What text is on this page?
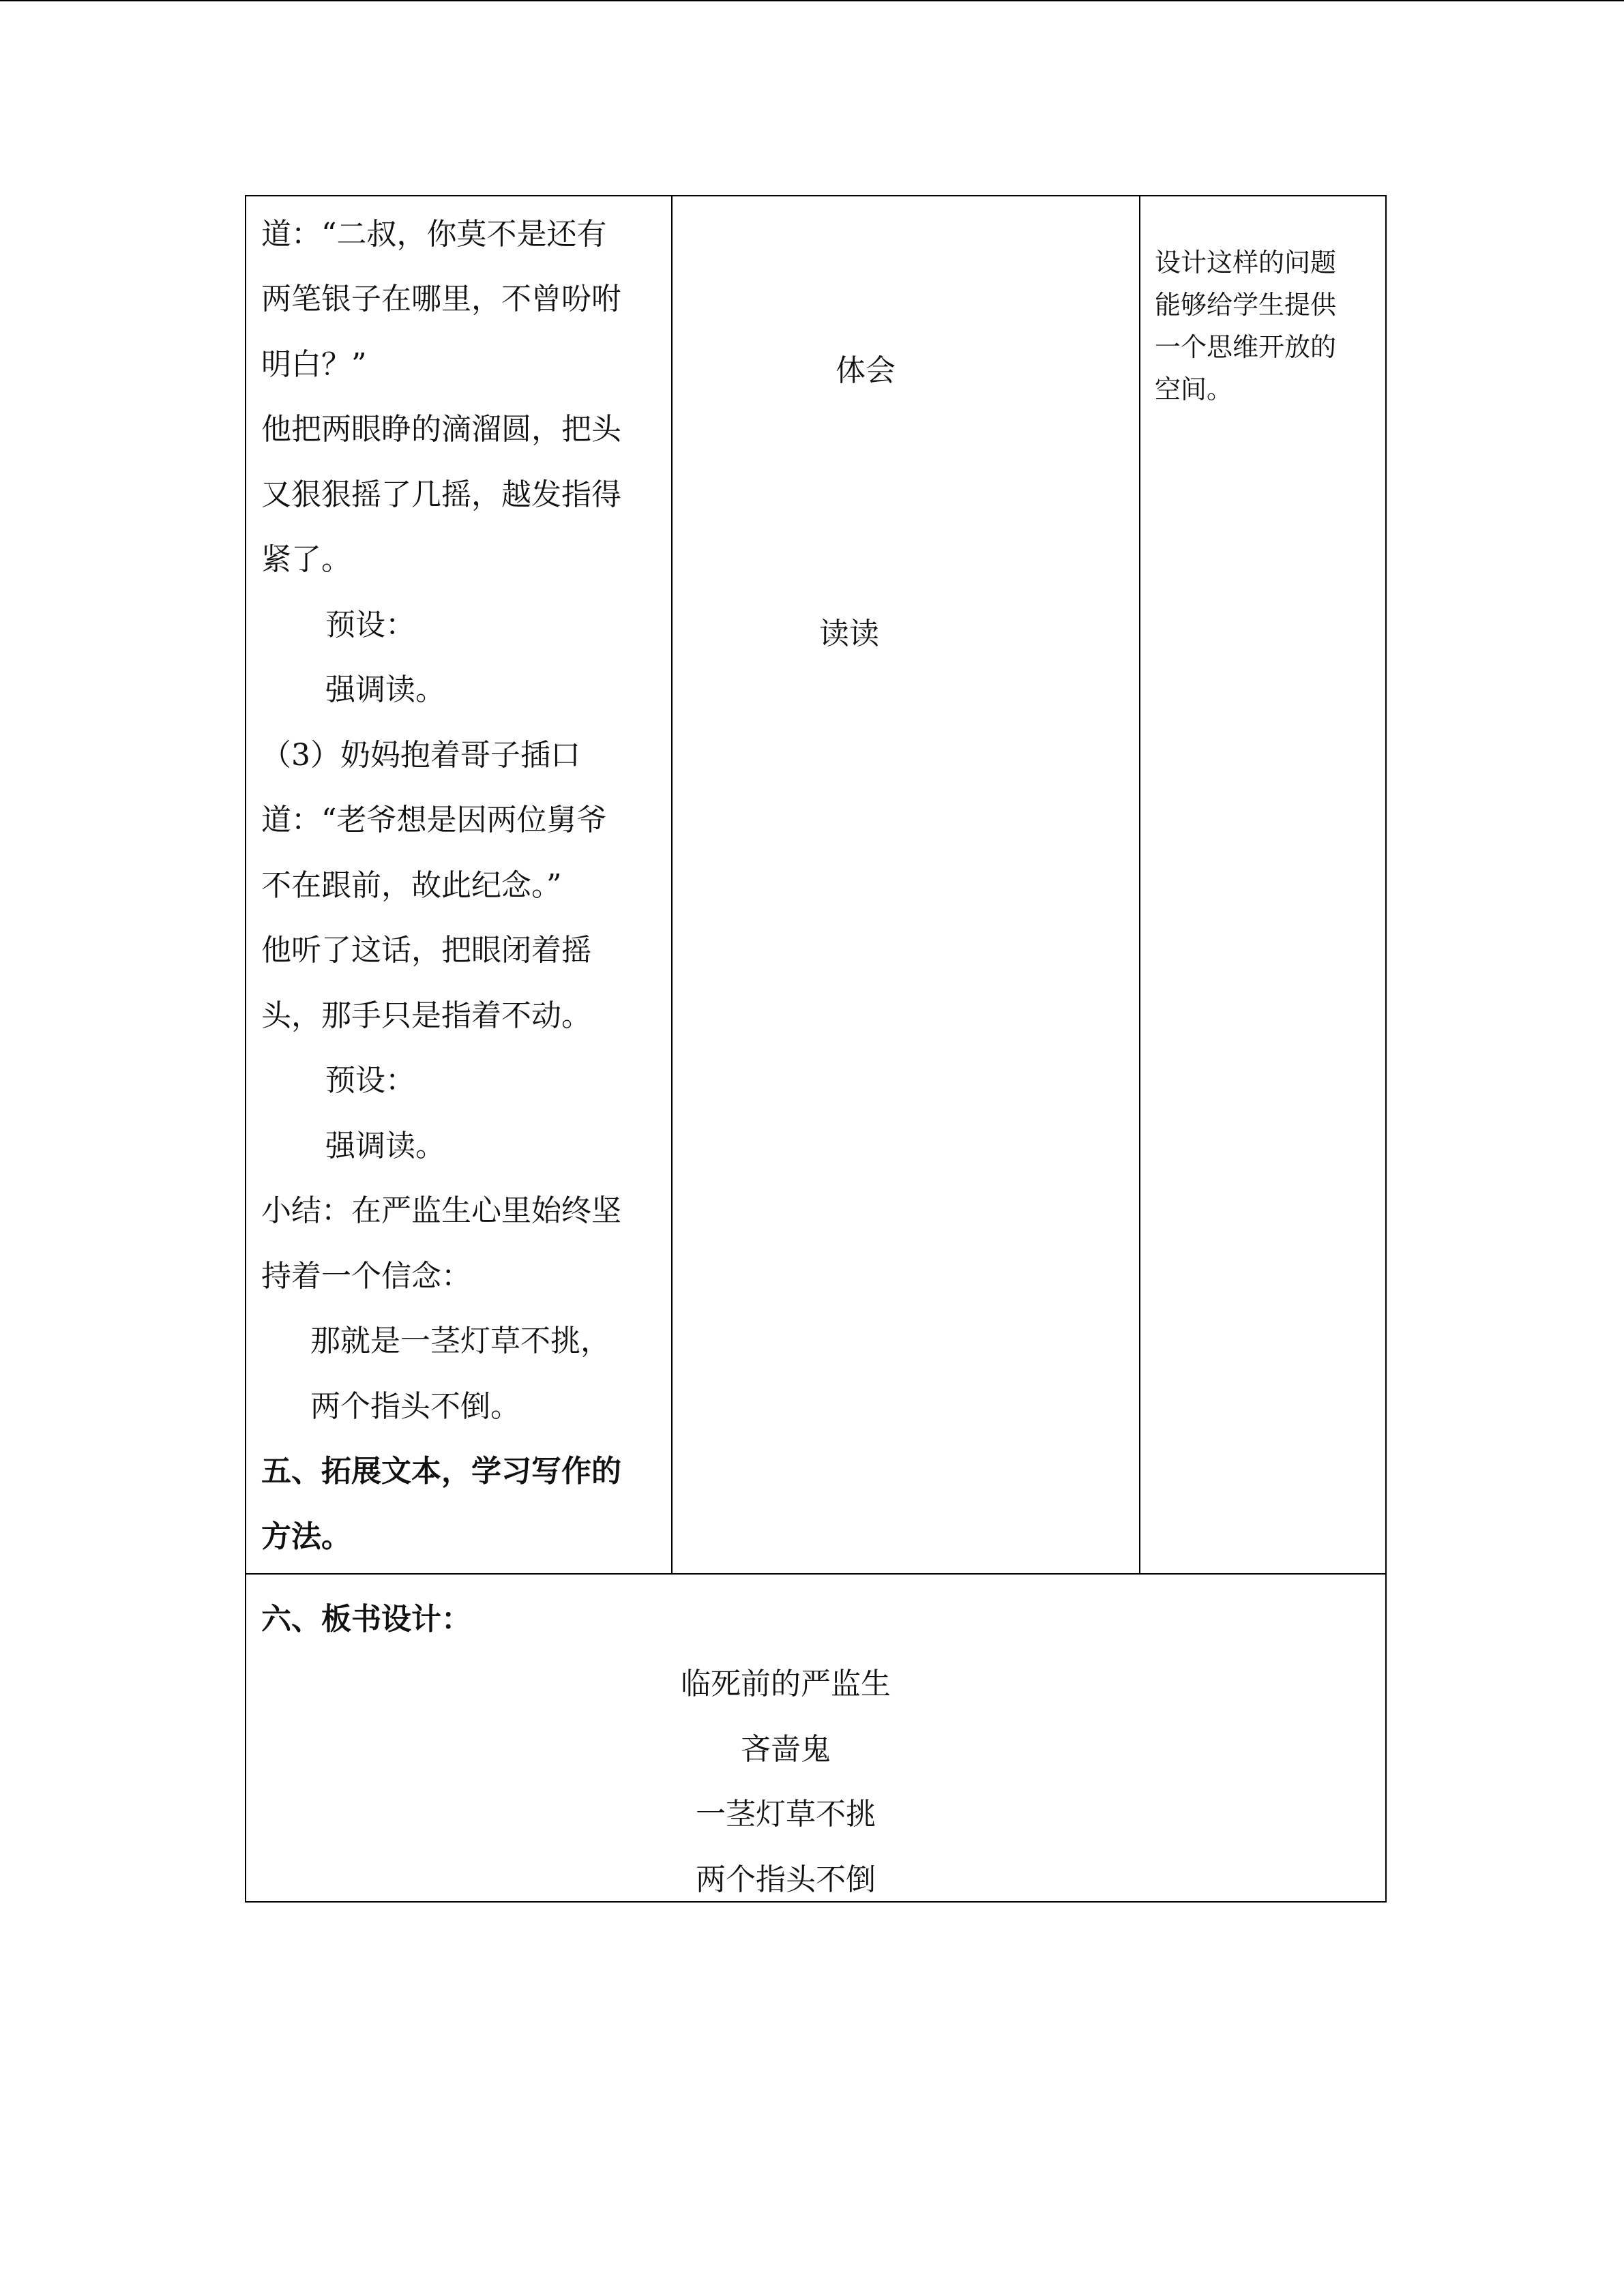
道：“二叔，你莫不是还有
两笔银子在哪里，不曾吩咐
明白？”
他把两眼睁的滴溜圆，把头
又狠狠摇了几摇，越发指得
紧了。
预设：
强调读。
（3）奶妈抱着哥子插口
道：“老爷想是因两位舅爷
不在跟前，故此纪念。”
他听了这话，把眼闭着摇
头，那手只是指着不动。
预设：
强调读。
小结：在严监生心里始终坚
持着一个信念：
那就是一茎灯草不挑，
两个指头不倒。
五、拓展文本，学习写作的
方法。
体会
读读
设计这样的问题
能够给学生提供
一个思维开放的
空间。
六、板书设计：
临死前的严监生
吝啬鬼
一茎灯草不挑
两个指头不倒
